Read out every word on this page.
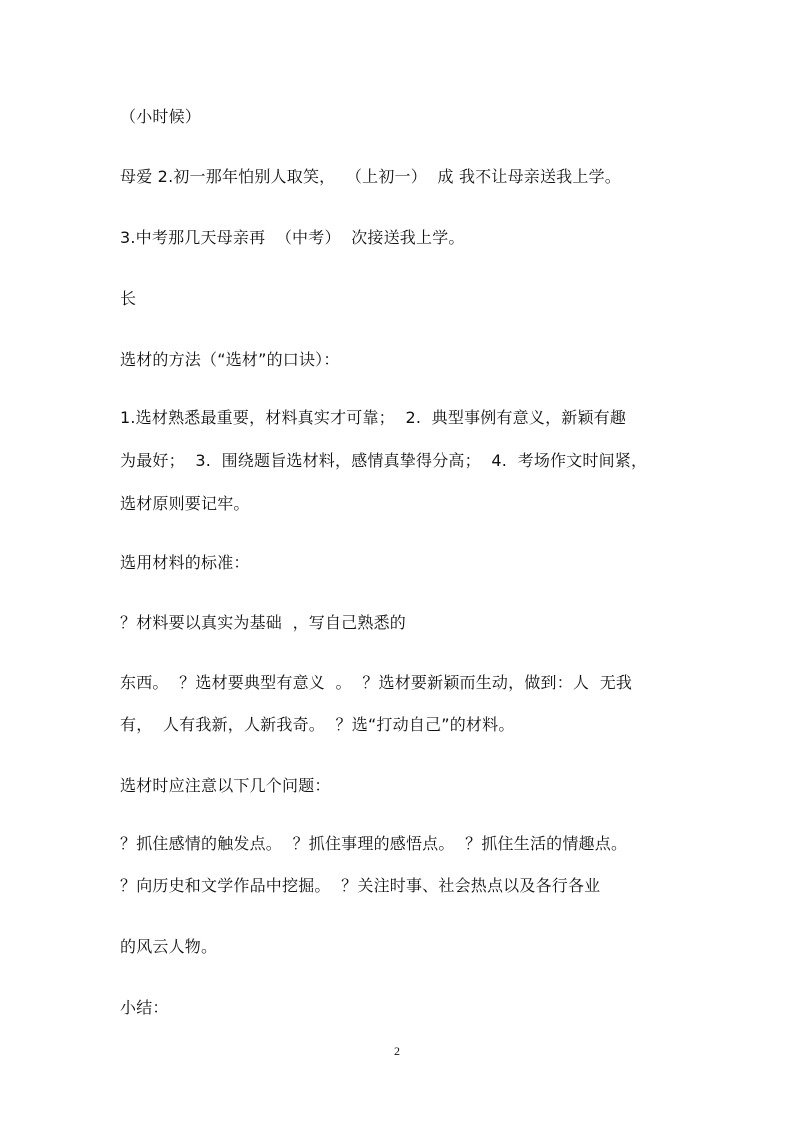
（小时候）
母爱 2.初一那年怕别人取笑，  （上初一）  成 我不让母亲送我上学。
3.中考那几天母亲再  （中考）  次接送我上学。
长
选材的方法（“选材”的口诀）：
1.选材熟悉最重要，材料真实才可靠；  2.  典型事例有意义，新颖有趣
为最好；  3.  围绕题旨选材料，感情真挚得分高；  4.  考场作文时间紧，
选材原则要记牢。
选用材料的标准：
？材料要以真实为基础  ，写自己熟悉的
东西。  ？选材要典型有意义  。  ？选材要新颖而生动，做到：人  无我
有，  人有我新，人新我奇。  ？选“打动自己”的材料。
选材时应注意以下几个问题：
？抓住感情的触发点。  ？抓住事理的感悟点。  ？抓住生活的情趣点。
？向历史和文学作品中挖掘。  ？关注时事、社会热点以及各行各业
的风云人物。
小结：
2
